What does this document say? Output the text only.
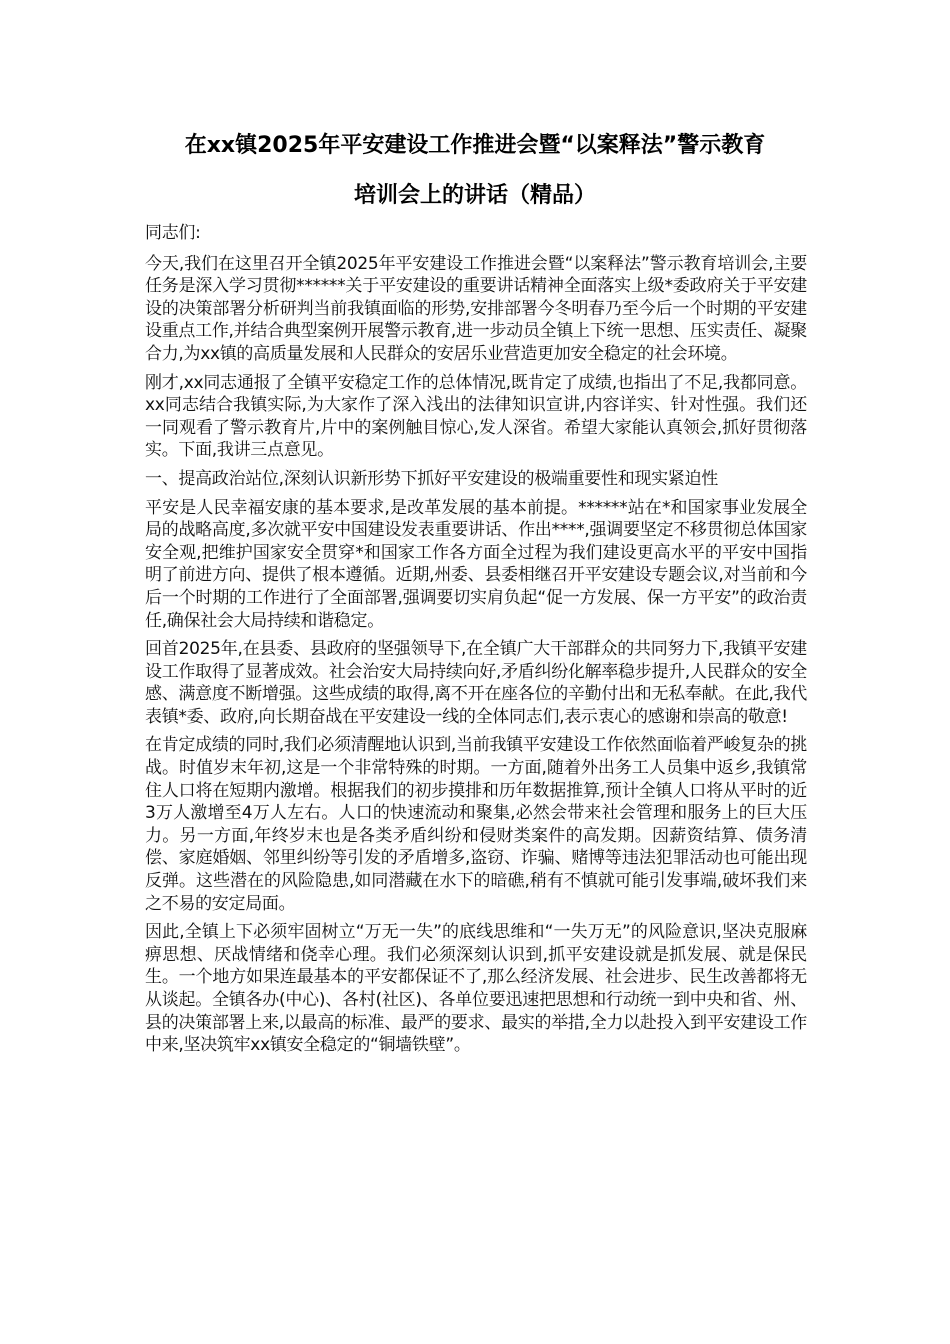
在xx镇2025年平安建设工作推进会暨“以案释法”警示教育
培训会上的讲话（精品）

同志们:

今天,我们在这里召开全镇2025年平安建设工作推进会暨“以案释法”警示教育培训会,主要任务是深入学习贯彻******关于平安建设的重要讲话精神全面落实上级*委政府关于平安建设的决策部署分析研判当前我镇面临的形势,安排部署今冬明春乃至今后一个时期的平安建设重点工作,并结合典型案例开展警示教育,进一步动员全镇上下统一思想、压实责任、凝聚合力,为xx镇的高质量发展和人民群众的安居乐业营造更加安全稳定的社会环境。

刚才,xx同志通报了全镇平安稳定工作的总体情况,既肯定了成绩,也指出了不足,我都同意。xx同志结合我镇实际,为大家作了深入浅出的法律知识宣讲,内容详实、针对性强。我们还一同观看了警示教育片,片中的案例触目惊心,发人深省。希望大家能认真领会,抓好贯彻落实。下面,我讲三点意见。

一、提高政治站位,深刻认识新形势下抓好平安建设的极端重要性和现实紧迫性

平安是人民幸福安康的基本要求,是改革发展的基本前提。******站在*和国家事业发展全局的战略高度,多次就平安中国建设发表重要讲话、作出****,强调要坚定不移贯彻总体国家安全观,把维护国家安全贯穿*和国家工作各方面全过程为我们建设更高水平的平安中国指明了前进方向、提供了根本遵循。近期,州委、县委相继召开平安建设专题会议,对当前和今后一个时期的工作进行了全面部署,强调要切实肩负起“促一方发展、保一方平安”的政治责任,确保社会大局持续和谐稳定。

回首2025年,在县委、县政府的坚强领导下,在全镇广大干部群众的共同努力下,我镇平安建设工作取得了显著成效。社会治安大局持续向好,矛盾纠纷化解率稳步提升,人民群众的安全感、满意度不断增强。这些成绩的取得,离不开在座各位的辛勤付出和无私奉献。在此,我代表镇*委、政府,向长期奋战在平安建设一线的全体同志们,表示衷心的感谢和崇高的敬意!

在肯定成绩的同时,我们必须清醒地认识到,当前我镇平安建设工作依然面临着严峻复杂的挑战。时值岁末年初,这是一个非常特殊的时期。一方面,随着外出务工人员集中返乡,我镇常住人口将在短期内激增。根据我们的初步摸排和历年数据推算,预计全镇人口将从平时的近3万人激增至4万人左右。人口的快速流动和聚集,必然会带来社会管理和服务上的巨大压力。另一方面,年终岁末也是各类矛盾纠纷和侵财类案件的高发期。因薪资结算、债务清偿、家庭婚姻、邻里纠纷等引发的矛盾增多,盗窃、诈骗、赌博等违法犯罪活动也可能出现反弹。这些潜在的风险隐患,如同潜藏在水下的暗礁,稍有不慎就可能引发事端,破坏我们来之不易的安定局面。

因此,全镇上下必须牢固树立“万无一失”的底线思维和“一失万无”的风险意识,坚决克服麻痹思想、厌战情绪和侥幸心理。我们必须深刻认识到,抓平安建设就是抓发展、就是保民生。一个地方如果连最基本的平安都保证不了,那么经济发展、社会进步、民生改善都将无从谈起。全镇各办(中心)、各村(社区)、各单位要迅速把思想和行动统一到中央和省、州、县的决策部署上来,以最高的标准、最严的要求、最实的举措,全力以赴投入到平安建设工作中来,坚决筑牢xx镇安全稳定的“铜墙铁壁”。
